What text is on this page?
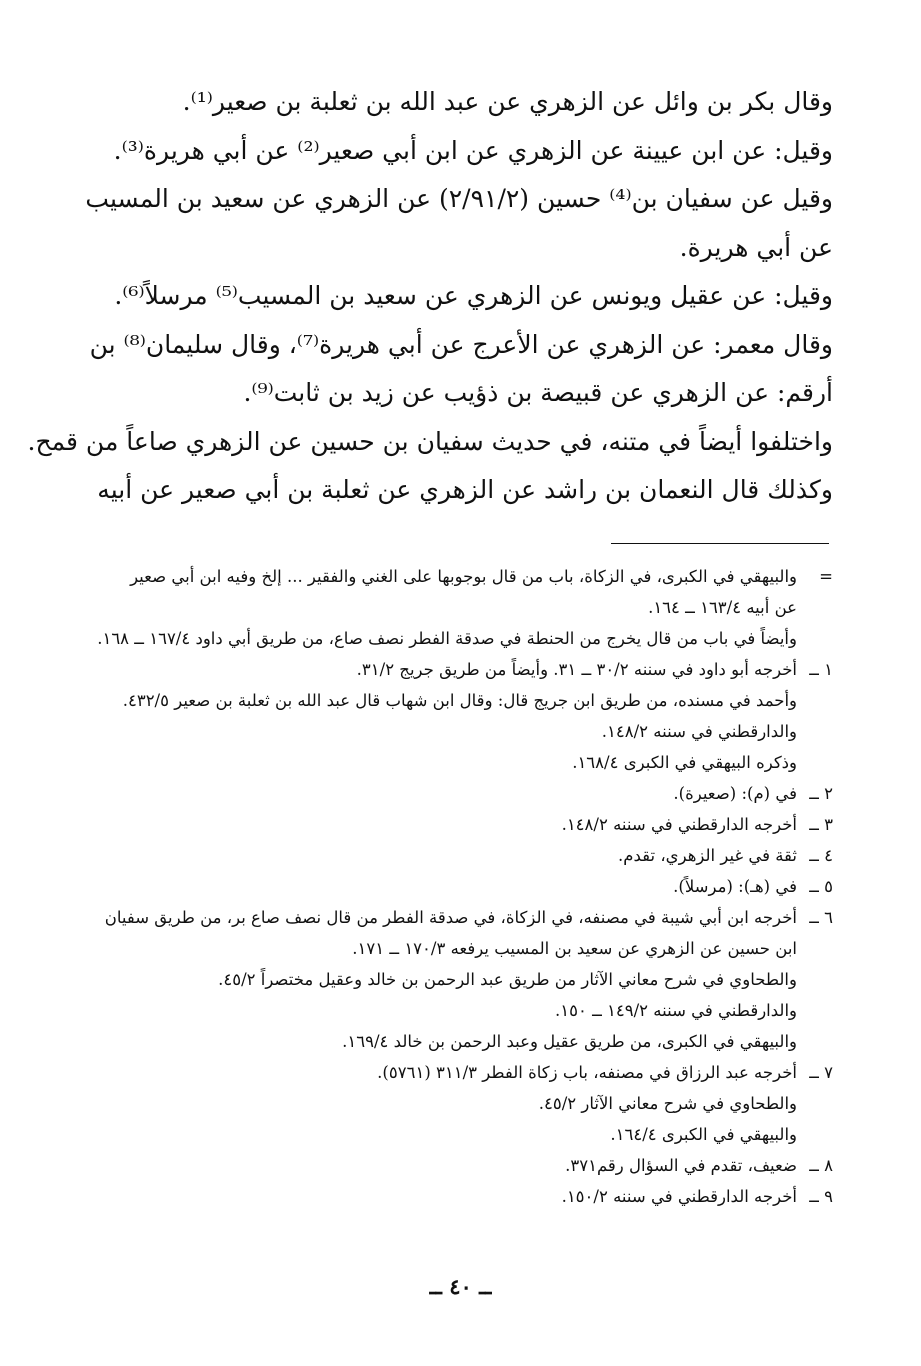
وقال بكر بن وائل عن الزهري عن عبد الله بن ثعلبة بن صعير⁽¹⁾.
وقيل: عن ابن عيينة عن الزهري عن ابن أبي صعير⁽²⁾ عن أبي هريرة⁽³⁾.
وقيل عن سفيان بن⁽⁴⁾ حسين (٢/٩١/٢) عن الزهري عن سعيد بن المسيب
عن أبي هريرة.
وقيل: عن عقيل ويونس عن الزهري عن سعيد بن المسيب⁽⁵⁾ مرسلاً⁽⁶⁾.
وقال معمر: عن الزهري عن الأعرج عن أبي هريرة⁽⁷⁾، وقال سليمان⁽⁸⁾ بن
أرقم: عن الزهري عن قبيصة بن ذؤيب عن زيد بن ثابت⁽⁹⁾.
واختلفوا أيضاً في متنه، في حديث سفيان بن حسين عن الزهري صاعاً من قمح.
وكذلك قال النعمان بن راشد عن الزهري عن ثعلبة بن أبي صعير عن أبيه
=والبيهقي في الكبرى، في الزكاة، باب من قال بوجوبها على الغني والفقير ... إلخ وفيه ابن أبي صعير
عن أبيه ١٦٣/٤ ــ ١٦٤.
وأيضاً في باب من قال يخرج من الحنطة في صدقة الفطر نصف صاع، من طريق أبي داود ١٦٧/٤ ــ ١٦٨.
١ ــأخرجه أبو داود في سننه ٣٠/٢ ــ ٣١. وأيضاً من طريق جريج ٣١/٢.
وأحمد في مسنده، من طريق ابن جريج قال: وقال ابن شهاب قال عبد الله بن ثعلبة بن صعير ٤٣٢/٥.
والدارقطني في سننه ١٤٨/٢.
وذكره البيهقي في الكبرى ١٦٨/٤.
٢ ــفي (م): (صعيرة).
٣ ــأخرجه الدارقطني في سننه ١٤٨/٢.
٤ ــثقة في غير الزهري، تقدم.
٥ ــفي (هـ): (مرسلاً).
٦ ــأخرجه ابن أبي شيبة في مصنفه، في الزكاة، في صدقة الفطر من قال نصف صاع بر، من طريق سفيان
ابن حسين عن الزهري عن سعيد بن المسيب يرفعه ١٧٠/٣ ــ ١٧١.
والطحاوي في شرح معاني الآثار من طريق عبد الرحمن بن خالد وعقيل مختصراً ٤٥/٢.
والدارقطني في سننه ١٤٩/٢ ــ ١٥٠.
والبيهقي في الكبرى، من طريق عقيل وعبد الرحمن بن خالد ١٦٩/٤.
٧ ــأخرجه عبد الرزاق في مصنفه، باب زكاة الفطر ٣١١/٣ (٥٧٦١).
والطحاوي في شرح معاني الآثار ٤٥/٢.
والبيهقي في الكبرى ١٦٤/٤.
٨ ــضعيف، تقدم في السؤال رقم٣٧١.
٩ ــأخرجه الدارقطني في سننه ١٥٠/٢.
ــ ٤٠ ــ
